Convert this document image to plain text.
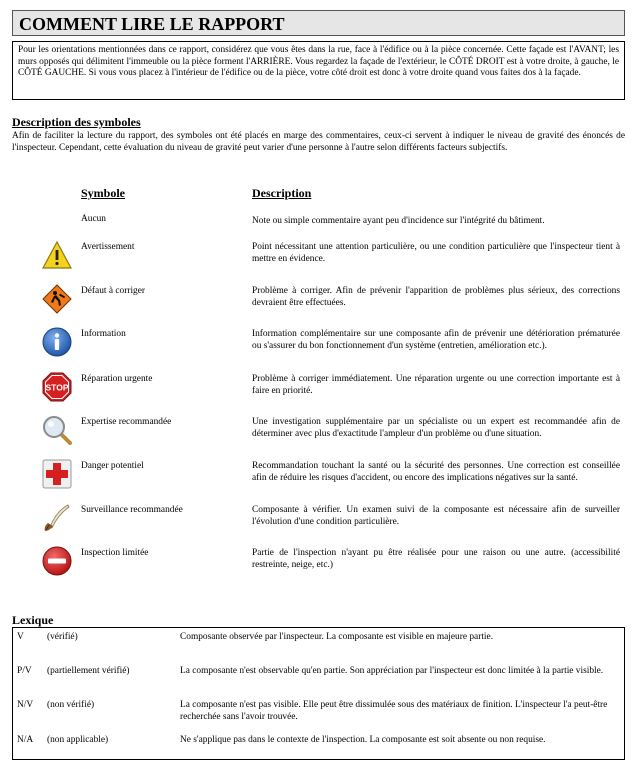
COMMENT LIRE LE RAPPORT

Pour les orientations mentionnées dans ce rapport, considérez que vous êtes dans la rue, face à l'édifice ou à la pièce concernée. Cette façade est l'AVANT; les murs opposés qui délimitent l'immeuble ou la pièce forment l'ARRIÈRE. Vous regardez la façade de l'extérieur, le CÔTÉ DROIT est à votre droite, à gauche, le CÔTÉ GAUCHE. Si vous vous placez à l'intérieur de l'édifice ou de la pièce, votre côté droit est donc à votre droite quand vous faites dos à la façade.

Description des symboles

Afin de faciliter la lecture du rapport, des symboles ont été placés en marge des commentaires, ceux-ci servent à indiquer le niveau de gravité des énoncés de l'inspecteur. Cependant, cette évaluation du niveau de gravité peut varier d'une personne à l'autre selon différents facteurs subjectifs.

Symbole	Description
Aucun	Note ou simple commentaire ayant peu d'incidence sur l'intégrité du bâtiment.
Avertissement	Point nécessitant une attention particulière, ou une condition particulière que l'inspecteur tient à mettre en évidence.
Défaut à corriger	Problème à corriger. Afin de prévenir l'apparition de problèmes plus sérieux, des corrections devraient être effectuées.
Information	Information complémentaire sur une composante afin de prévenir une détérioration prématurée ou s'assurer du bon fonctionnement d'un système (entretien, amélioration etc.).
STOP
Réparation urgente	Problème à corriger immédiatement. Une réparation urgente ou une correction importante est à faire en priorité.
Expertise recommandée	Une investigation supplémentaire par un spécialiste ou un expert est recommandée afin de déterminer avec plus d'exactitude l'ampleur d'un problème ou d'une situation.
Danger potentiel	Recommandation touchant la santé ou la sécurité des personnes. Une correction est conseillée afin de réduire les risques d'accident, ou encore des implications négatives sur la santé.
Surveillance recommandée	Composante à vérifier. Un examen suivi de la composante est nécessaire afin de surveiller l'évolution d'une condition particulière.
Inspection limitée	Partie de l'inspection n'ayant pu être réalisée pour une raison ou une autre. (accessibilité restreinte, neige, etc.)
Lexique
V (vérifié)	Composante observée par l'inspecteur. La composante est visible en majeure partie.
P/V (partiellement vérifié)	La composante n'est observable qu'en partie. Son appréciation par l'inspecteur est donc limitée à la partie visible.
N/V (non vérifié)	La composante n'est pas visible. Elle peut être dissimulée sous des matériaux de finition. L'inspecteur l'a peut-être recherchée sans l'avoir trouvée.
N/A (non applicable)	Ne s'applique pas dans le contexte de l'inspection. La composante est soit absente ou non requise.
